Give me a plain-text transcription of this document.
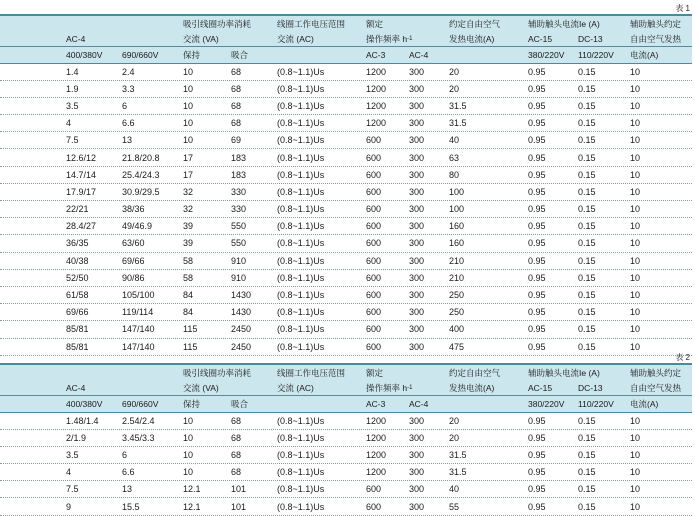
表 1
吸引线圈功率消耗	线圈工作电压范围 额定	约定自由空气	辅助触头电流Ie (A)	辅助触头约定
AC-4	交流 (VA)	交流 (AC)	操作频率 h -1	发热电流(A)	AC-15	DC-13	自由空气发热
400/380V 690/660V	保持	吸合	AC-3	AC-4	380/220V 110/220V 电流(A)
1.4	2.4	10	68	(0.8~1.1)Us	1200	300	20	0.95	0.15	10
1.9	3.3	10	68	(0.8~1.1)Us	1200	300	20	0.95	0.15	10
3.5	6	10	68	(0.8~1.1)Us	1200	300	31.5	0.95	0.15	10
4	6.6	10	68	(0.8~1.1)Us	1200	300	31.5	0.95	0.15	10
7.5	13	10	69	(0.8~1.1)Us	600	300	40	0.95	0.15	10
12.6/12	21.8/20.8	17	183	(0.8~1.1)Us	600	300	63	0.95	0.15	10
14.7/14	25.4/24.3	17	183	(0.8~1.1)Us	600	300	80	0.95	0.15	10
17.9/17	30.9/29.5	32	330	(0.8~1.1)Us	600	300	100	0.95	0.15	10
22/21	38/36	32	330	(0.8~1.1)Us	600	300	100	0.95	0.15	10
28.4/27	49/46.9	39	550	(0.8~1.1)Us	600	300	160	0.95	0.15	10
36/35	63/60	39	550	(0.8~1.1)Us	600	300	160	0.95	0.15	10
40/38	69/66	58	910	(0.8~1.1)Us	600	300	210	0.95	0.15	10
52/50	90/86	58	910	(0.8~1.1)Us	600	300	210	0.95	0.15	10
61/58	105/100	84	1430	(0.8~1.1)Us	600	300	250	0.95	0.15	10
69/66	119/114	84	1430	(0.8~1.1)Us	600	300	250	0.95	0.15	10
85/81	147/140	115	2450	(0.8~1.1)Us	600	300	400	0.95	0.15	10
85/81	147/140	115	2450	(0.8~1.1)Us	600	300	475	0.95	0.15	10
表 2
吸引线圈功率消耗	线圈工作电压范围 额定	约定自由空气	辅助触头电流Ie (A)	辅助触头约定
AC-4	交流 (VA)	交流 (AC)	操作频率 h -1	发热电流(A)	AC-15	DC-13	自由空气发热
400/380V 690/660V	保持	吸合	AC-3	AC-4	380/220V 110/220V 电流(A)
1.48/1.4	2.54/2.4	10	68	(0.8~1.1)Us	1200	300	20	0.95	0.15	10
2/1.9	3.45/3.3	10	68	(0.8~1.1)Us	1200	300	20	0.95	0.15	10
3.5	6	10	68	(0.8~1.1)Us	1200	300	31.5	0.95	0.15	10
4	6.6	10	68	(0.8~1.1)Us	1200	300	31.5	0.95	0.15	10
7.5	13	12.1	101	(0.8~1.1)Us	600	300	40	0.95	0.15	10
9	15.5	12.1	101	(0.8~1.1)Us	600	300	55	0.95	0.15	10
